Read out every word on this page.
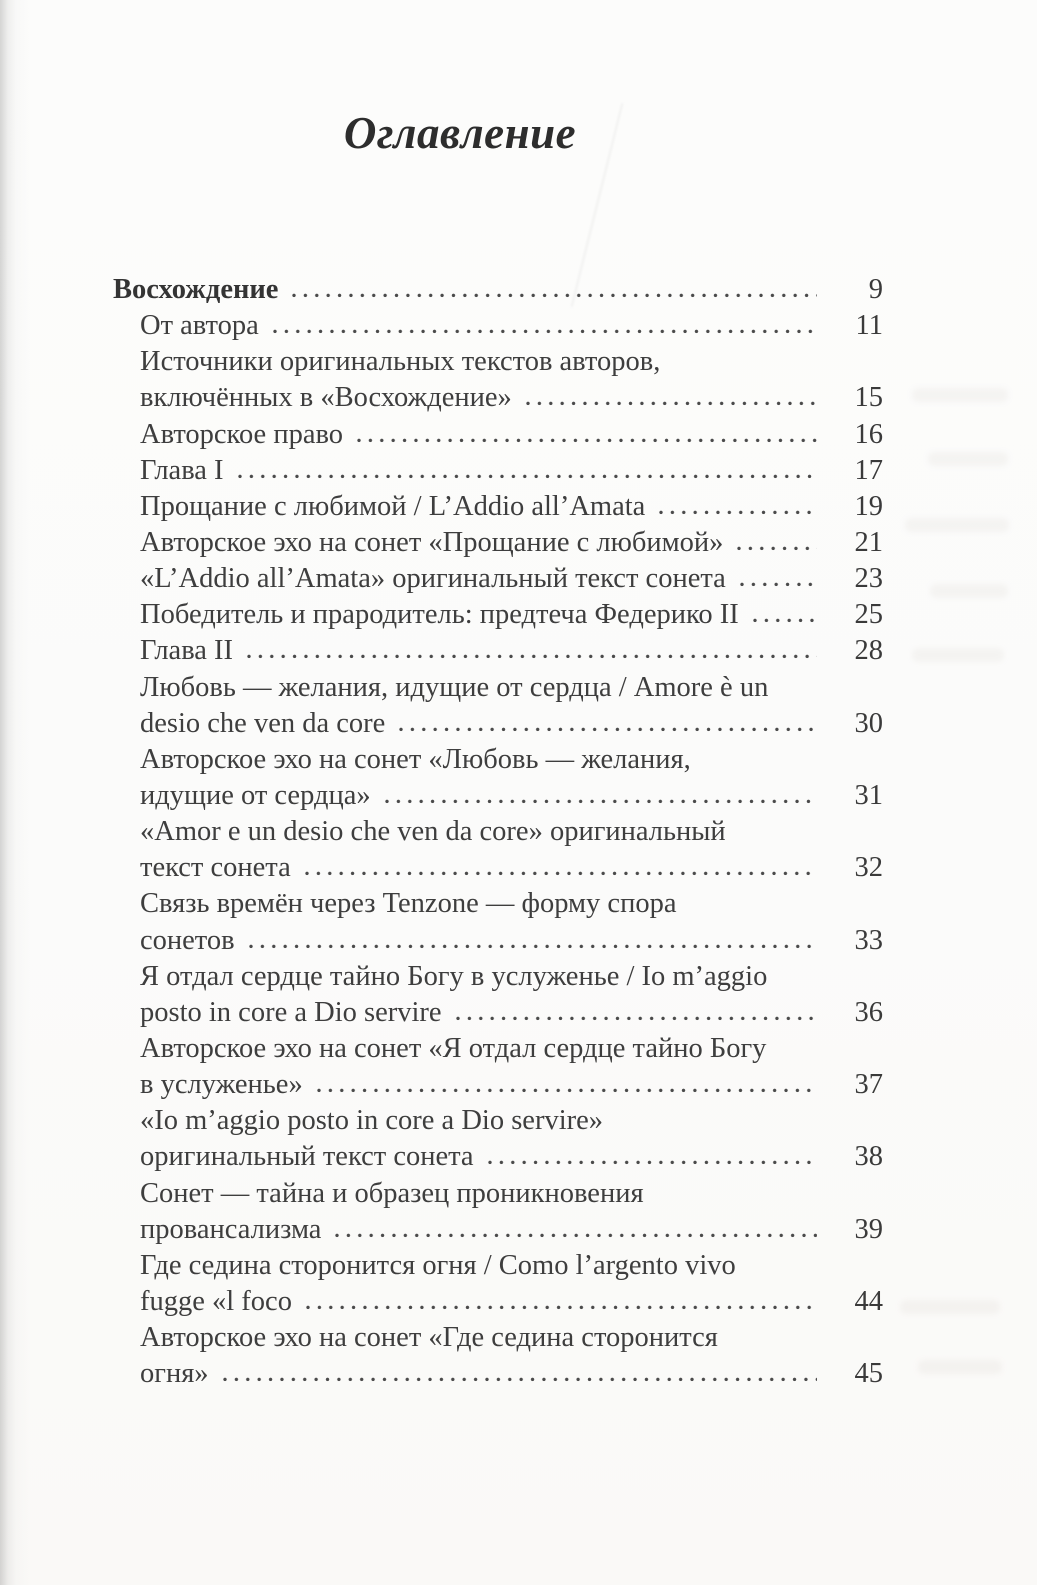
Оглавление
Восхождение	9
От автора	11
Источники оригинальных текстов авторов,
включённых в «Восхождение»	15
Авторское право	16
Глава I	17
Прощание с любимой / L’Addio all’Amata	19
Авторское эхо на сонет «Прощание с любимой»	21
«L’Addio all’Amata» оригинальный текст сонета	23
Победитель и прародитель: предтеча Федерико II	25
Глава II	28
Любовь — желания, идущие от сердца / Amore è un
desio che ven da core	30
Авторское эхо на сонет «Любовь — желания,
идущие от сердца»	31
«Amor e un desio che ven da core» оригинальный
текст сонета	32
Связь времён через Tenzone — форму спора
сонетов	33
Я отдал сердце тайно Богу в услуженье / Io m’aggio
posto in core a Dio servire	36
Авторское эхо на сонет «Я отдал сердце тайно Богу
в услуженье»	37
«Io m’aggio posto in core a Dio servire»
оригинальный текст сонета	38
Сонет — тайна и образец проникновения
провансализма	39
Где седина сторонится огня / Como l’argento vivo
fugge «l foco	44
Авторское эхо на сонет «Где седина сторонится
огня»	45
